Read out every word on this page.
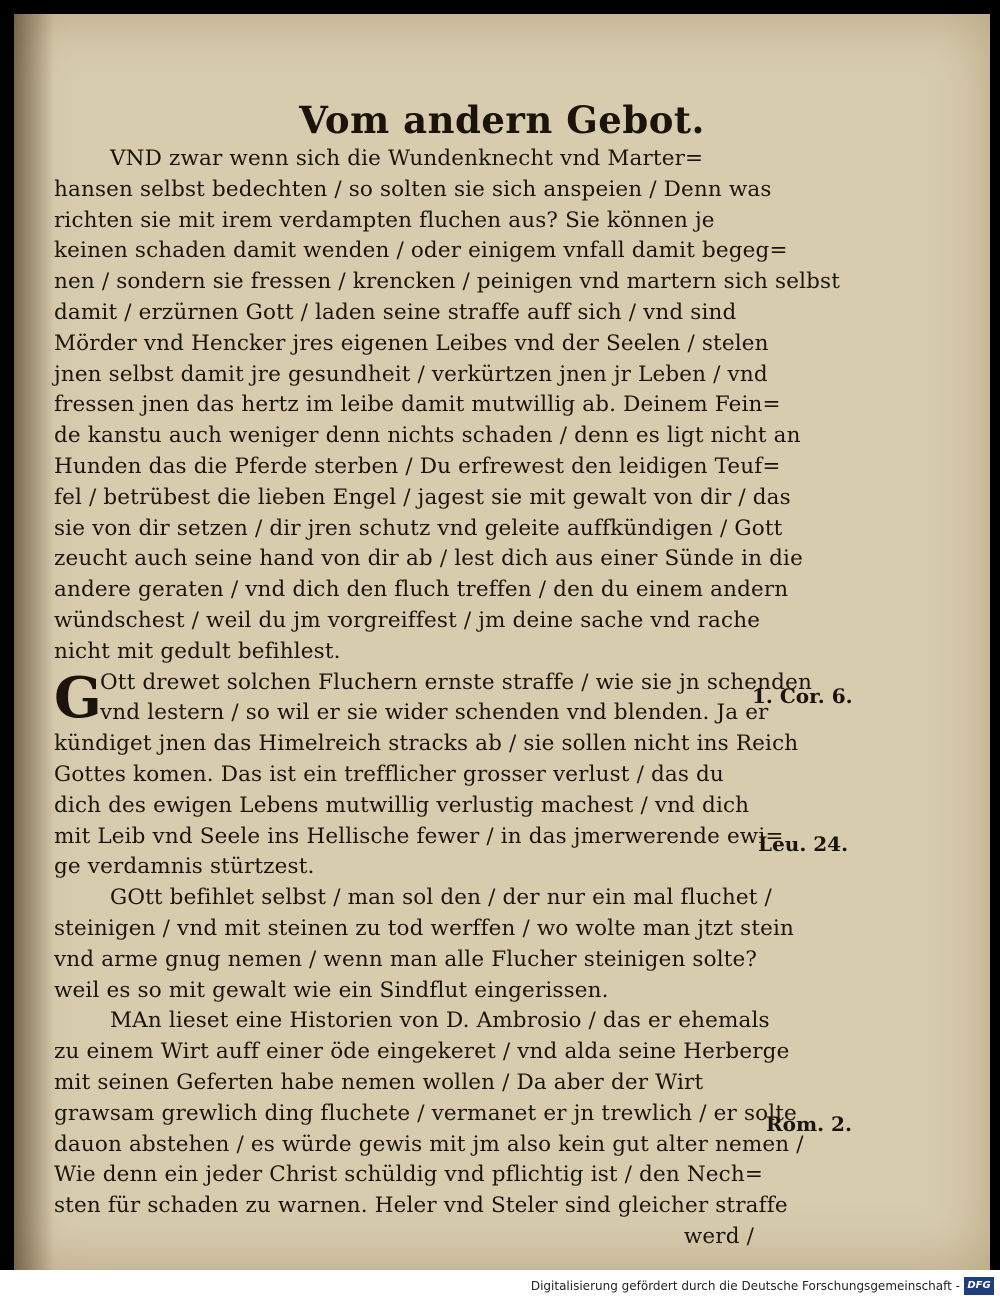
Vom andern Gebot.
VND zwar wenn sich die Wundenknecht vnd Marter=
hansen selbst bedechten / so solten sie sich anspeien / Denn was
richten sie mit irem verdampten fluchen aus? Sie können je
keinen schaden damit wenden / oder einigem vnfall damit begeg=
nen / sondern sie fressen / krencken / peinigen vnd martern sich selbst
damit / erzürnen Gott / laden seine straffe auff sich / vnd sind
Mörder vnd Hencker jres eigenen Leibes vnd der Seelen / stelen
jnen selbst damit jre gesundheit / verkürtzen jnen jr Leben / vnd
fressen jnen das hertz im leibe damit mutwillig ab. Deinem Fein=
de kanstu auch weniger denn nichts schaden / denn es ligt nicht an
Hunden das die Pferde sterben / Du erfrewest den leidigen Teuf=
fel / betrübest die lieben Engel / jagest sie mit gewalt von dir / das
sie von dir setzen / dir jren schutz vnd geleite auffkündigen / Gott
zeucht auch seine hand von dir ab / lest dich aus einer Sünde in die
andere geraten / vnd dich den fluch treffen / den du einem andern
wündschest / weil du jm vorgreiffest / jm deine sache vnd rache
nicht mit gedult befihlest.
G
Ott drewet solchen Fluchern ernste straffe / wie sie jn schenden
vnd lestern / so wil er sie wider schenden vnd blenden. Ja er
kündiget jnen das Himelreich stracks ab / sie sollen nicht ins Reich
Gottes komen. Das ist ein trefflicher grosser verlust / das du
dich des ewigen Lebens mutwillig verlustig machest / vnd dich
mit Leib vnd Seele ins Hellische fewer / in das jmerwerende ewi=
ge verdamnis stürtzest.
GOtt befihlet selbst / man sol den / der nur ein mal fluchet /
steinigen / vnd mit steinen zu tod werffen / wo wolte man jtzt stein
vnd arme gnug nemen / wenn man alle Flucher steinigen solte?
weil es so mit gewalt wie ein Sindflut eingerissen.
MAn lieset eine Historien von D. Ambrosio / das er ehemals
zu einem Wirt auff einer öde eingekeret / vnd alda seine Herberge
mit seinen Geferten habe nemen wollen / Da aber der Wirt
grawsam grewlich ding fluchete / vermanet er jn trewlich / er solte
dauon abstehen / es würde gewis mit jm also kein gut alter nemen /
Wie denn ein jeder Christ schüldig vnd pflichtig ist / den Nech=
sten für schaden zu warnen. Heler vnd Steler sind gleicher straffe
werd /
1. Cor. 6.
Leu. 24.
Rom. 2.
Digitalisierung gefördert durch die Deutsche Forschungsgemeinschaft - DFG
